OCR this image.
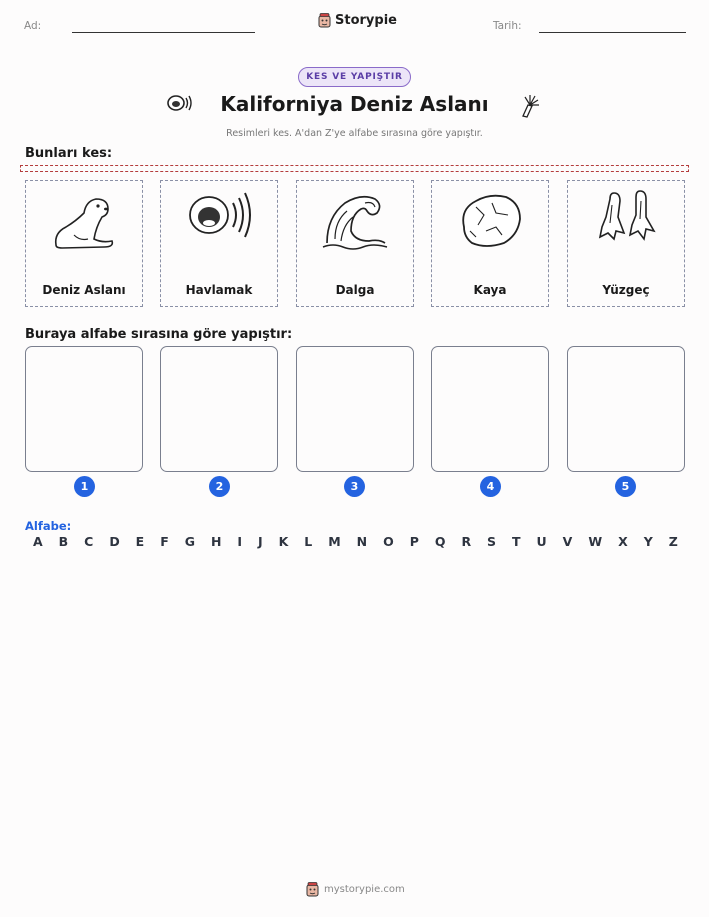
Ad:	Storypie	Tarih:
KES VE YAPIŞTIR
Kaliforniya Deniz Aslanı
Resimleri kes. A'dan Z'ye alfabe sırasına göre yapıştır.
Bunları kes:
Deniz Aslanı	Havlamak	Dalga	Kaya	Yüzgeç
Buraya alfabe sırasına göre yapıştır:
1	2	3	4	5
Alfabe:
A B C D E F G H I J K L M N O P Q R S T U V W X Y Z
mystorypie.com
